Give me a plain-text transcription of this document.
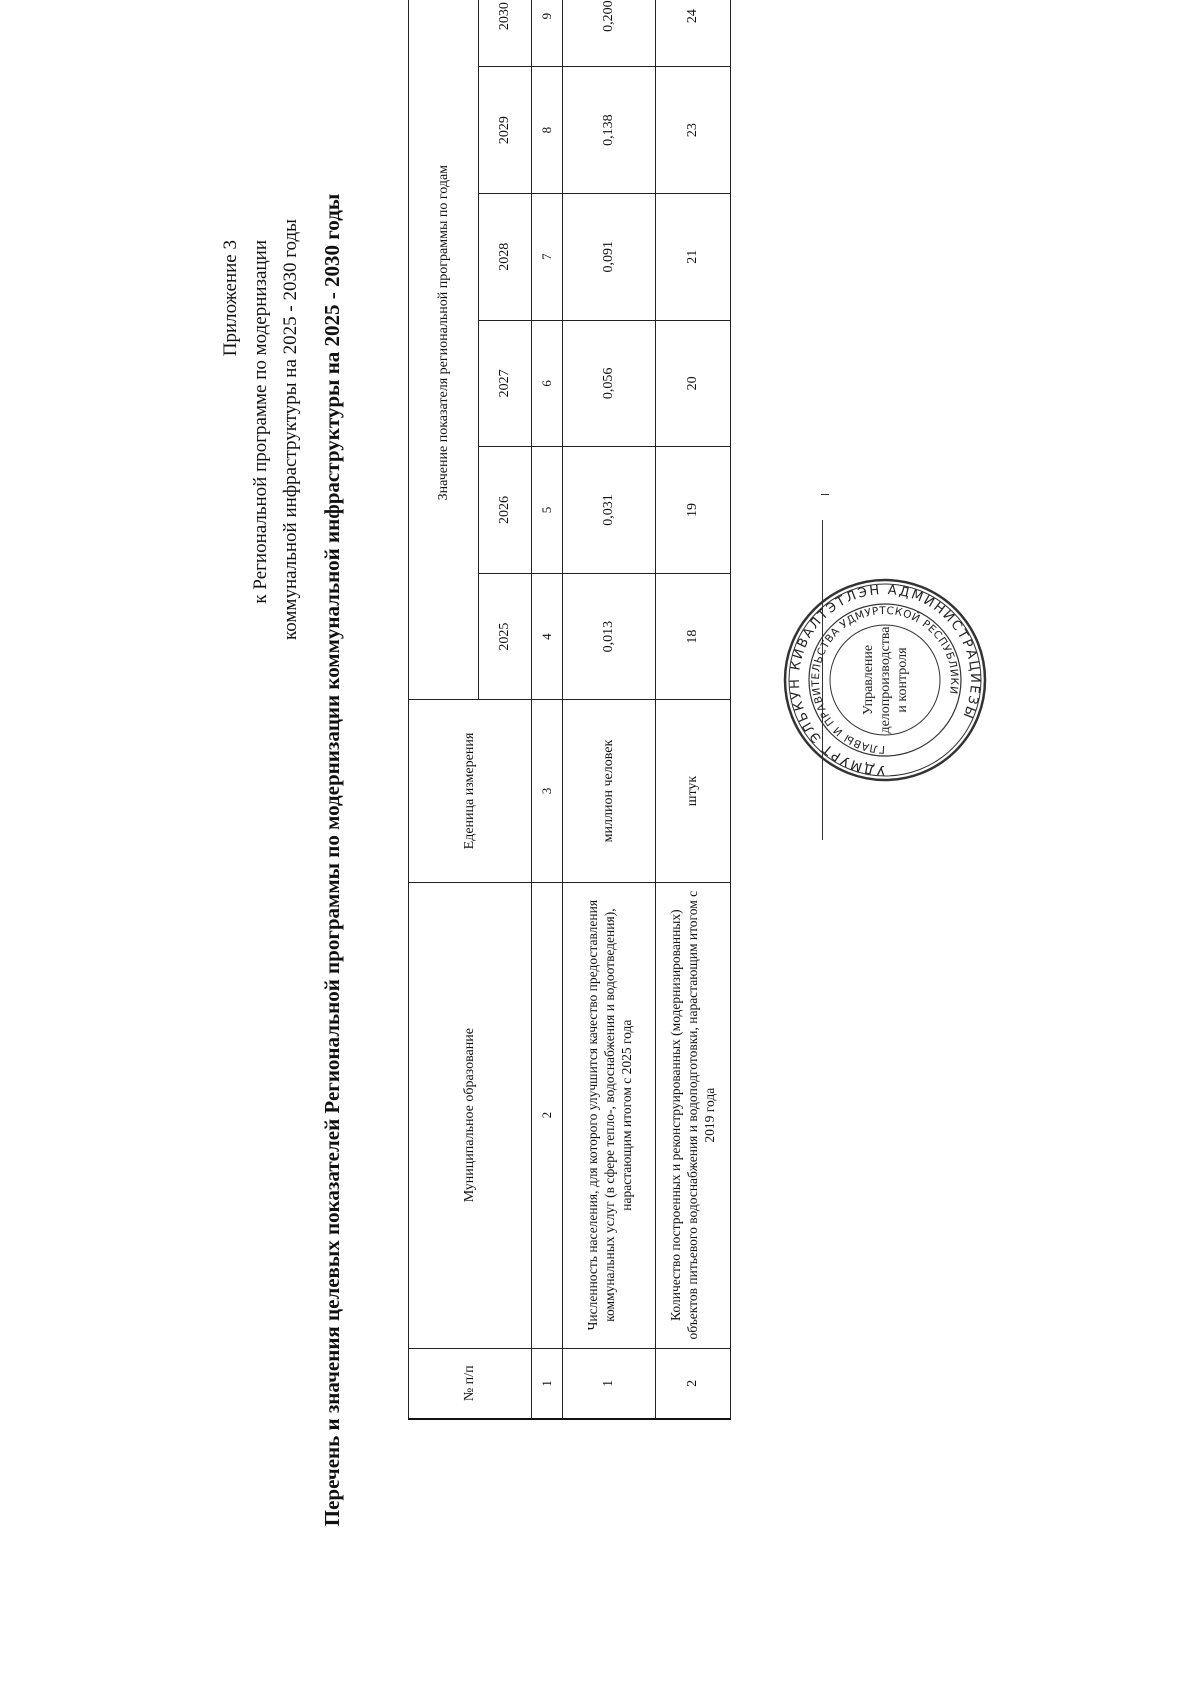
Приложение 3 к Региональной программе по модернизации коммунальной инфраструктуры на 2025 - 2030 годы Перечень и значения целевых показателей Региональной программы по модернизации коммунальной инфраструктуры на 2025 - 2030 годы	№ п/п	Муниципальное образование	Еденица измерения	Значение показателя региональной программы по годам					
			2025	2026	2027	2028	2029	2030
1	2	3	4	5	6	7	8	9
1	Численность населения, для которого улучшится качество предоставления коммунальных услуг (в сфере тепло-, водоснабжения и водоотведения), нарастающим итогом с 2025 года	миллион человек	0,013	0,031	0,056	0,091	0,138	0,200
2	Количество построенных и реконструированных (модернизированных) объектов питьевого водоснабжения и водоподготовки, нарастающим итогом с 2019 года	штук	18	19	20	21	23	24
УДМУРТ ЭЛЬКУН КИВАЛТЭТЛЭН АДМИНИСТРАЦИЕЗЫ
ГЛАВЫ И ПРАВИТЕЛЬСТВА УДМУРТСКОЙ РЕСПУБЛИКИ
Управление делопроизводства и контроля
